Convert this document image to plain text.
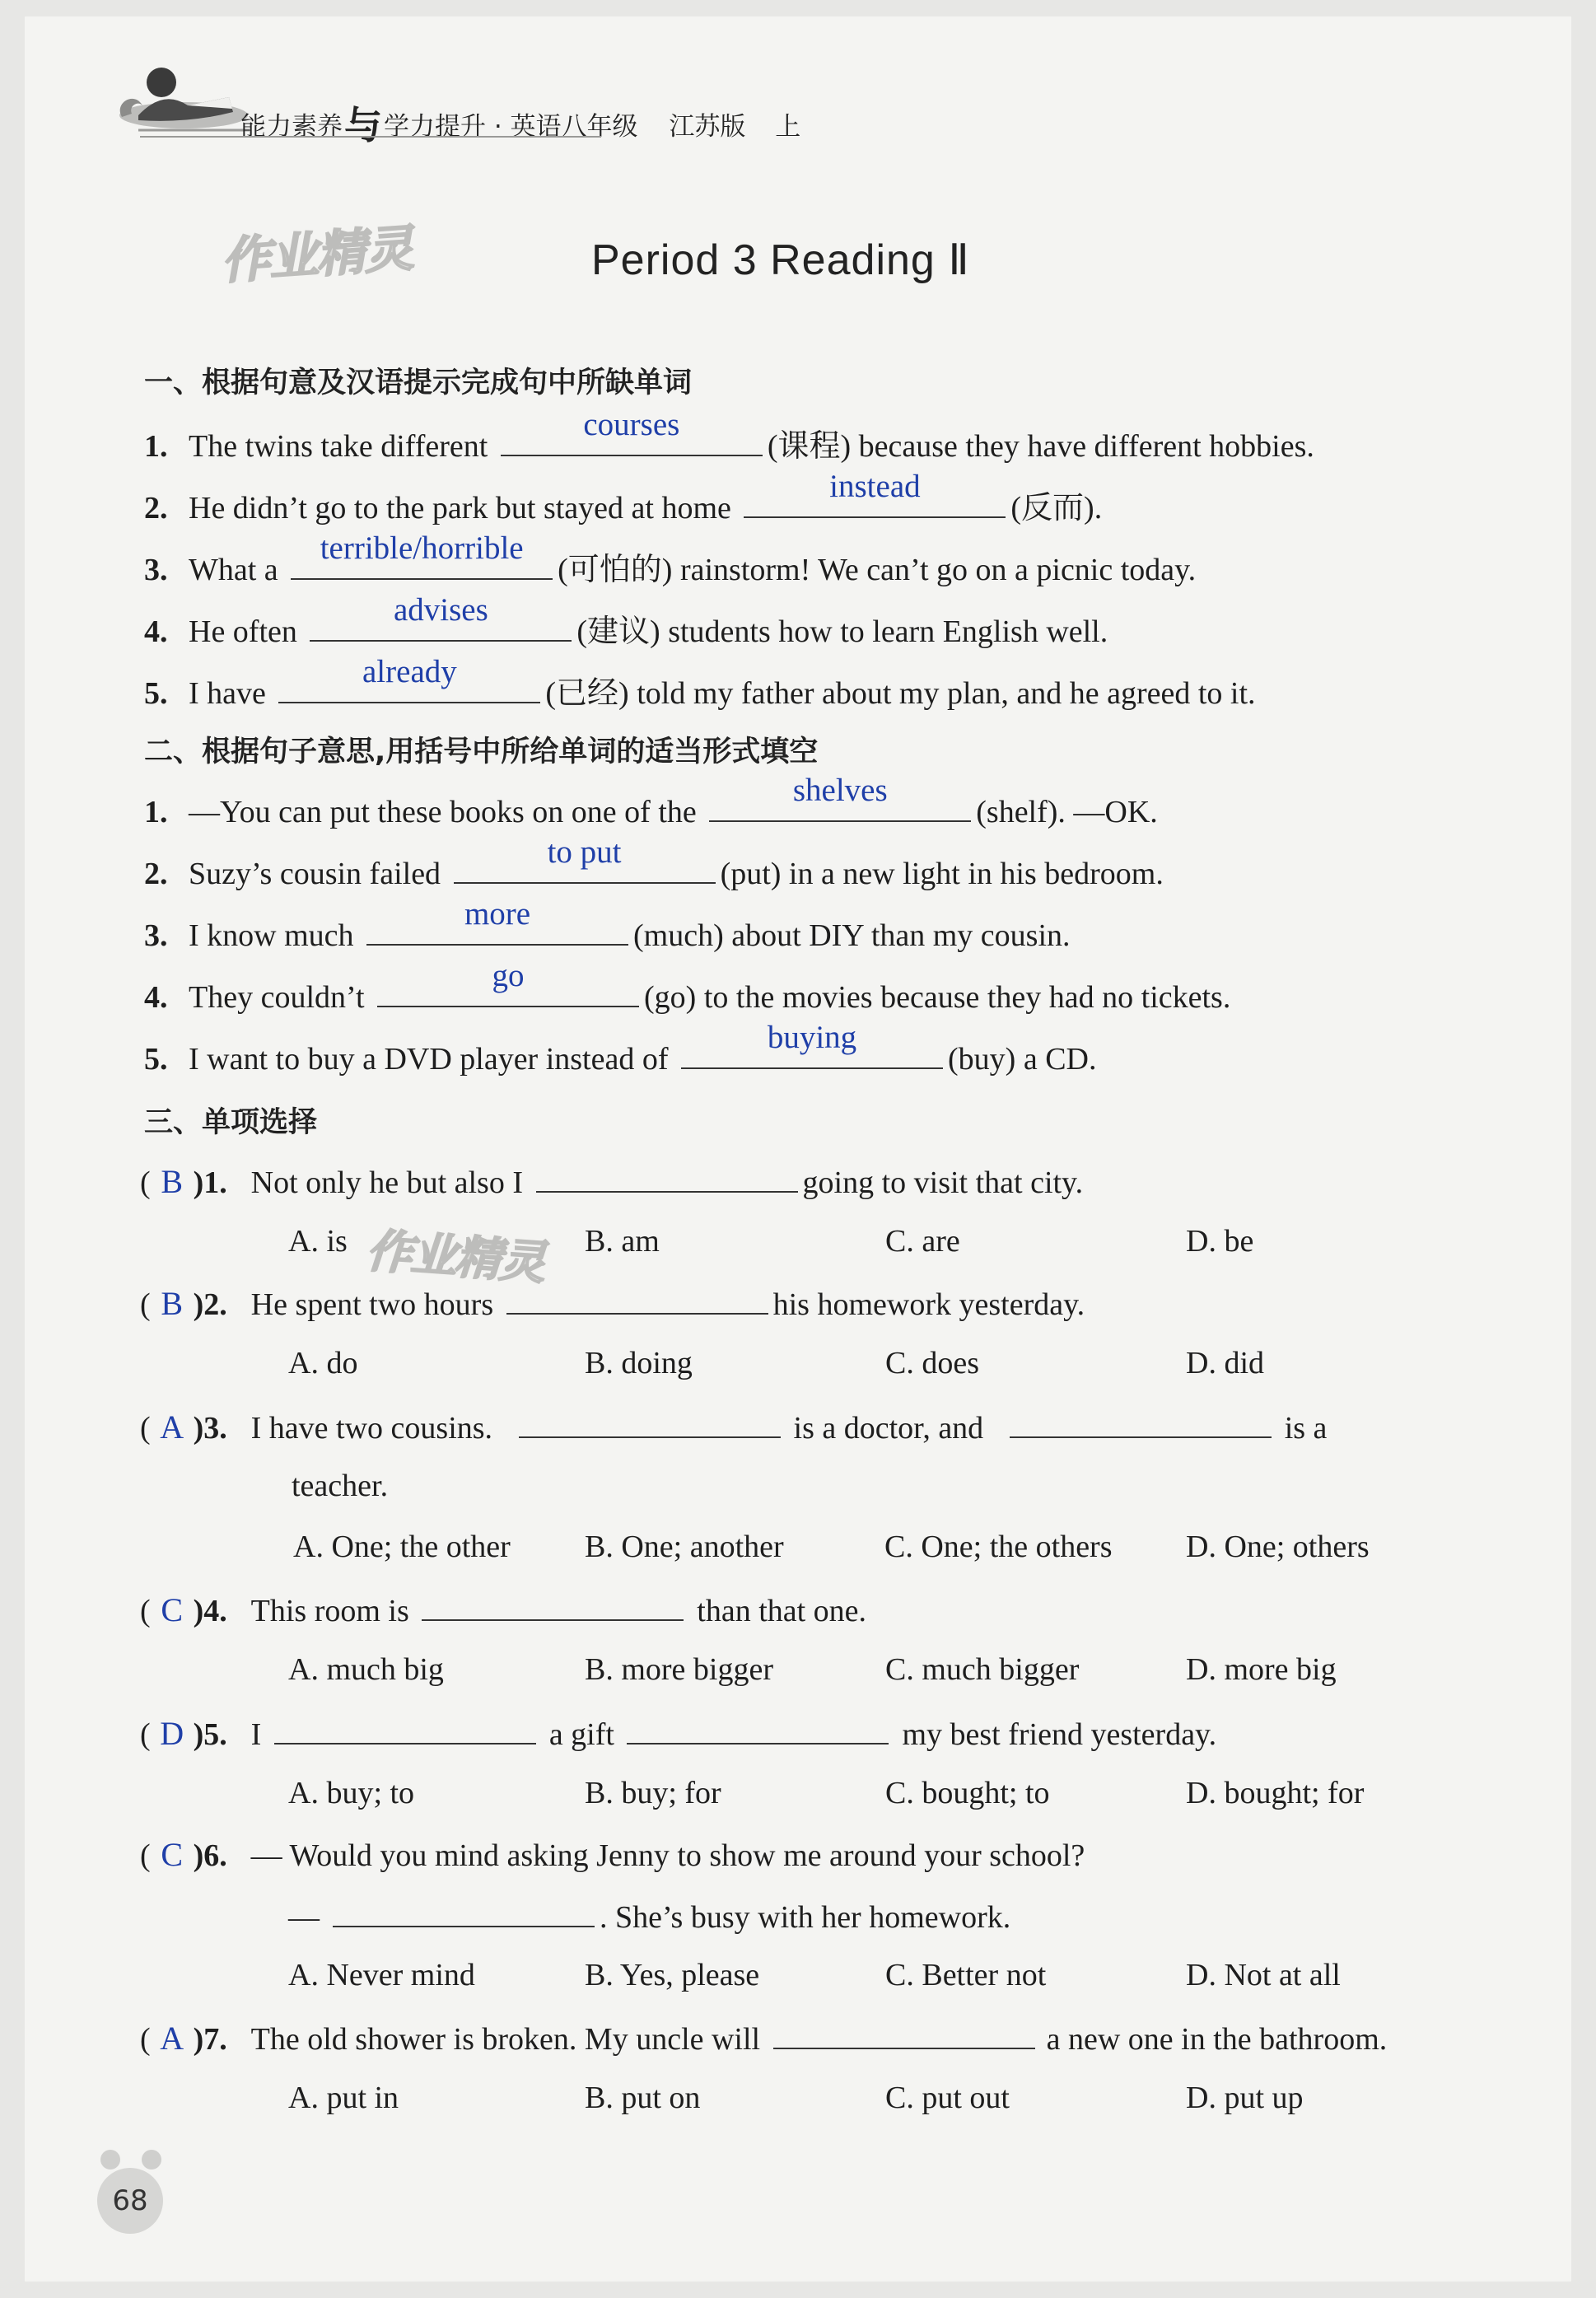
能力素养与学力提升 · 英语八年级 江苏版 上
作业精灵	Period 3 Reading Ⅱ
一、根据句意及汉语提示完成句中所缺单词
1. The twins take different
courses
(课程) because they have different hobbies.
2. He didn’t go to the park but stayed at home
instead
(反而).
3. What a
terrible/horrible
(可怕的) rainstorm! We can’t go on a picnic today.
4. He often
advises
(建议) students how to learn English well.
5. I have
already
(已经) told my father about my plan, and he agreed to it.
二、根据句子意思,用括号中所给单词的适当形式填空
1. —You can put these books on one of the
shelves
(shelf). —OK.
2. Suzy’s cousin failed
to put
(put) in a new light in his bedroom.
3. I know much
more
(much) about DIY than my cousin.
4. They couldn’t
go
(go) to the movies because they had no tickets.
5. I want to buy a DVD player instead of
buying
(buy) a CD.
三、单项选择
( B )1. Not only he but also I	going to visit that city.
A. is	B. am	C. are	D. be
作业精灵
( B )2. He spent two hours	his homework yesterday.
A. do	B. doing	C. does	D. did
( A )3. I have two cousins.	is a doctor, and	is a
teacher.
A. One; the other B. One; another	C. One; the others D. One; others
( C )4. This room is	than that one.
A. much big	B. more bigger	C. much bigger	D. more big
( D )5. I	a gift	my best friend yesterday.
A. buy; to	B. buy; for	C. bought; to	D. bought; for
( C )6. — Would you mind asking Jenny to show me around your school?
—	. She’s busy with her homework.
A. Never mind	B. Yes, please	C. Better not	D. Not at all
( A )7. The old shower is broken. My uncle will	a new one in the bathroom.
A. put in	B. put on	C. put out	D. put up
68
